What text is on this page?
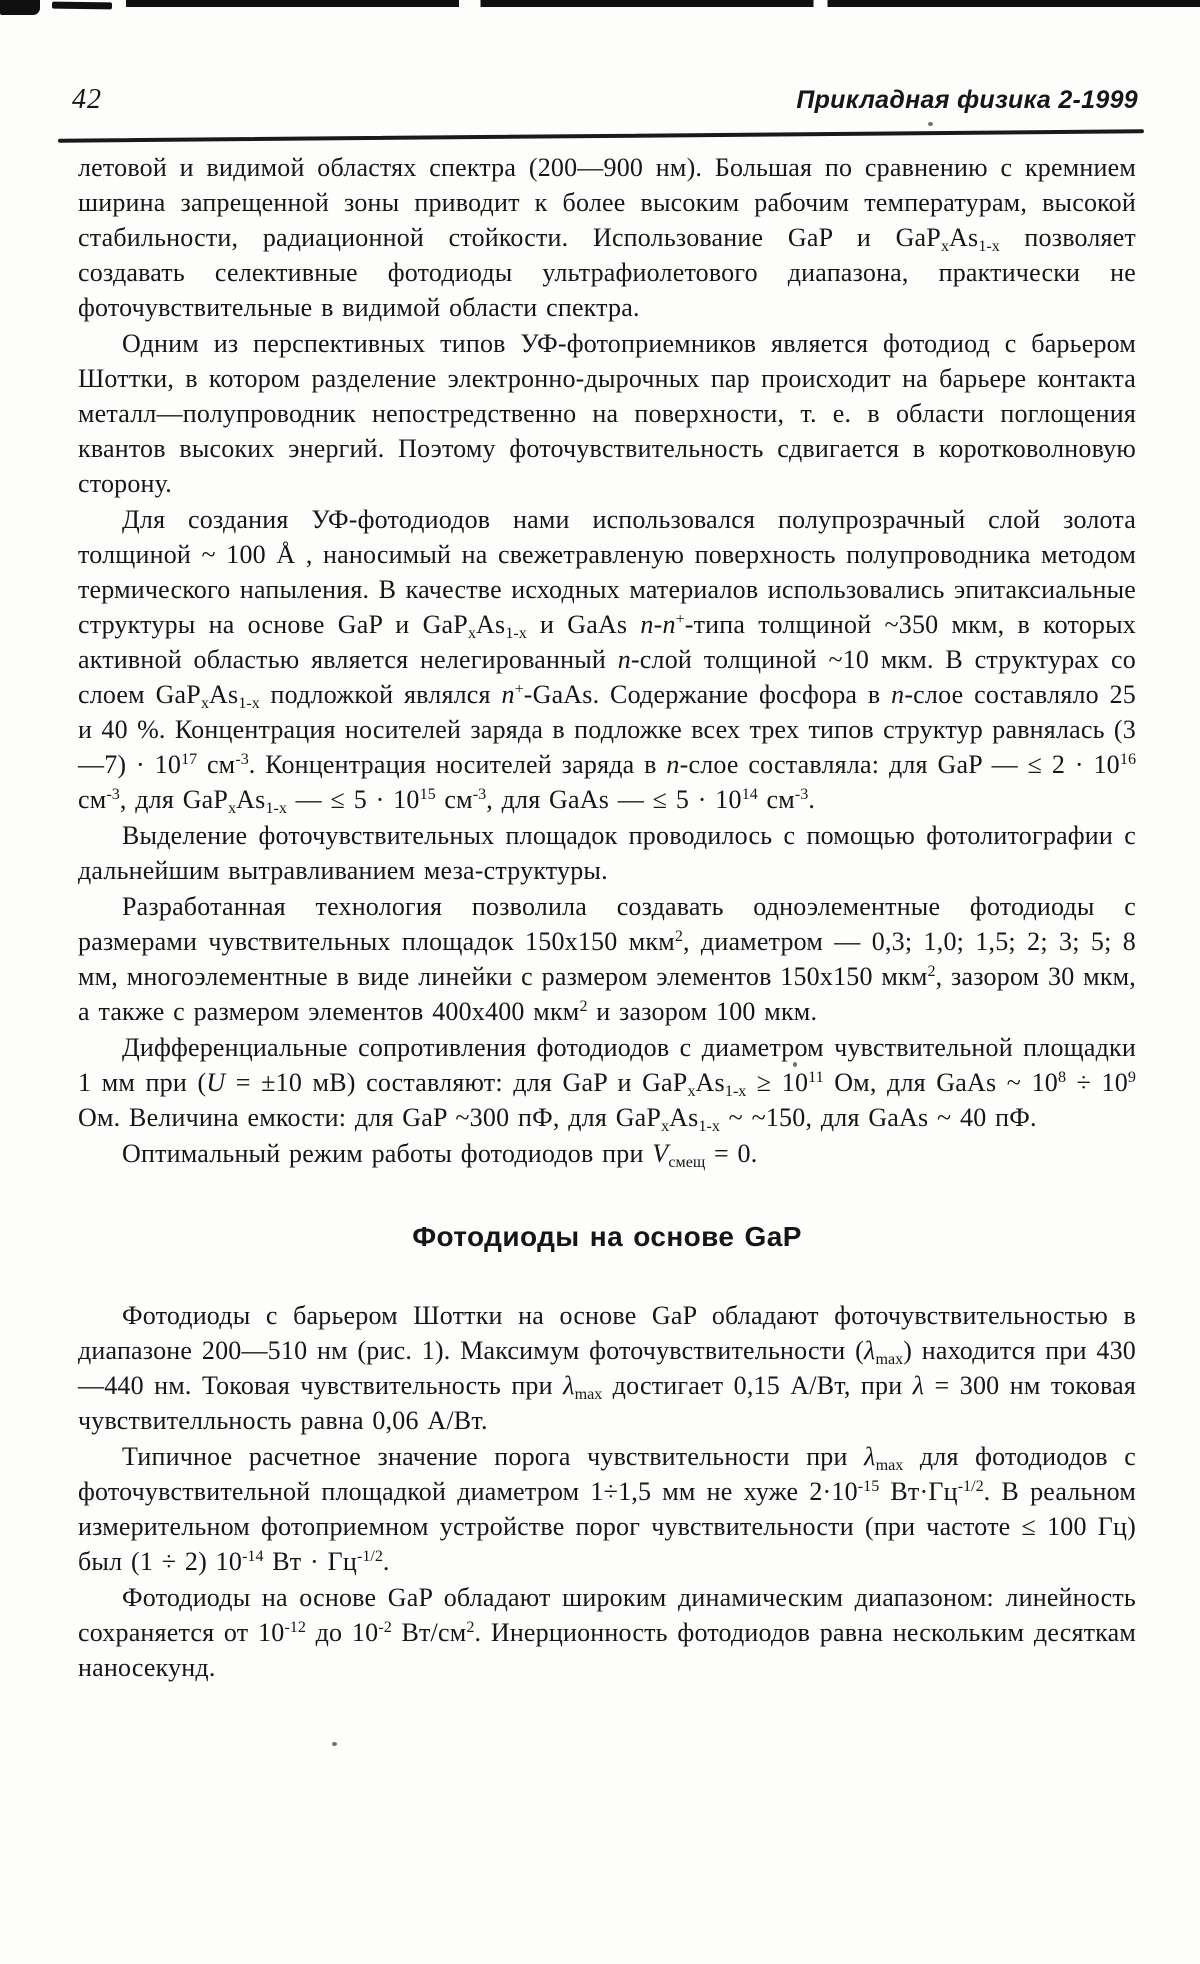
42	Прикладная физика 2-1999

летовой и видимой областях спектра (200—900 нм). Большая по сравнению с кремнием ширина запрещенной зоны приводит к более высоким рабочим температурам, высокой стабильности, радиационной стойкости. Использование GaP и $GaP_xAs_{1-x}$ позволяет создавать селективные фотодиоды ультрафиолетового диапазона, практически не фоточувствительные в видимой области спектра.

Одним из перспективных типов УФ-фотоприемников является фотодиод с барьером Шоттки, в котором разделение электронно-дырочных пар происходит на барьере контакта металл—полупроводник непостредственно на поверхности, т. е. в области поглощения квантов высоких энергий. Поэтому фоточувствительность сдвигается в коротковолновую сторону.

Для создания УФ-фотодиодов нами использовался полупрозрачный слой золота толщиной ~ 100 Å , наносимый на свежетравленую поверхность полупроводника методом термического напыления. В качестве исходных материалов использовались эпитаксиальные структуры на основе GaP и $GaP_xAs_{1-x}$ и GaAs n-n+-типа толщиной ~350 мкм, в которых активной областью является нелегированный n-слой толщиной ~10 мкм. В структурах со слоем $GaP_xAs_{1-x}$ подложкой являлся n+-GaAs. Содержание фосфора в n-слое составляло 25 и 40 %. Концентрация носителей заряда в подложке всех трех типов структур равнялась (3—7) · $10^{17}$ $см^{-3}$. Концентрация носителей заряда в n-слое составляла: для GaP — ≤ $2 \cdot 10^{16}$ $см^{-3}$, для $GaP_xAs_{1-x}$ — ≤ $5 \cdot 10^{15}$ $см^{-3}$, для GaAs — ≤ $5 \cdot 10^{14}$ $см^{-3}$.

Выделение фоточувствительных площадок проводилось с помощью фотолитографии с дальнейшим вытравливанием меза-структуры.

Разработанная технология позволила создавать одноэлементные фотодиоды с размерами чувствительных площадок 150x150 мкм$^2$, диаметром — 0,3; 1,0; 1,5; 2; 3; 5; 8 мм, многоэлементные в виде линейки с размером элементов 150x150 мкм$^2$, зазором 30 мкм, а также с размером элементов 400x400 мкм$^2$ и зазором 100 мкм.

Дифференциальные сопротивления фотодиодов с диаметром чувствительной площадки 1 мм при (U = ±10 мВ) составляют: для GaP и $GaP_xAs_{1-x} \ge 10^{11}$ Ом, для GaAs ~ $10^8 \div 10^9$ Ом. Величина емкости: для GaP ~300 пФ, для $GaP_xAs_{1-x}$ ~ ~150, для GaAs ~ 40 пФ.

Оптимальный режим работы фотодиодов при $V_{смещ} = 0$.

Фотодиоды на основе GaP

Фотодиоды с барьером Шоттки на основе GaP обладают фоточувствительностью в диапазоне 200—510 нм (рис. 1). Максимум фоточувствительности $(\lambda_{max})$ находится при 430—440 нм. Токовая чувствительность при $\lambda_{max}$ достигает 0,15 А/Вт, при λ = 300 нм токовая чувствителльность равна 0,06 А/Вт.

Типичное расчетное значение порога чувствительности при $\lambda_{max}$ для фотодиодов с фоточувствительной площадкой диаметром 1÷1,5 мм не хуже $2\cdot 10^{-15}$ $Вт\cdot Гц^{-1/2}$. В реальном измерительном фотоприемном устройстве порог чувствительности (при частоте ≤ 100 Гц) был (1 ÷ 2) $10^{-14}$ Вт · $Гц^{-1/2}$.

Фотодиоды на основе GaP обладают широким динамическим диапазоном: линейность сохраняется от $10^{-12}$ до $10^{-2}$ $Вт/см^2$. Инерционность фотодиодов равна нескольким десяткам наносекунд.
